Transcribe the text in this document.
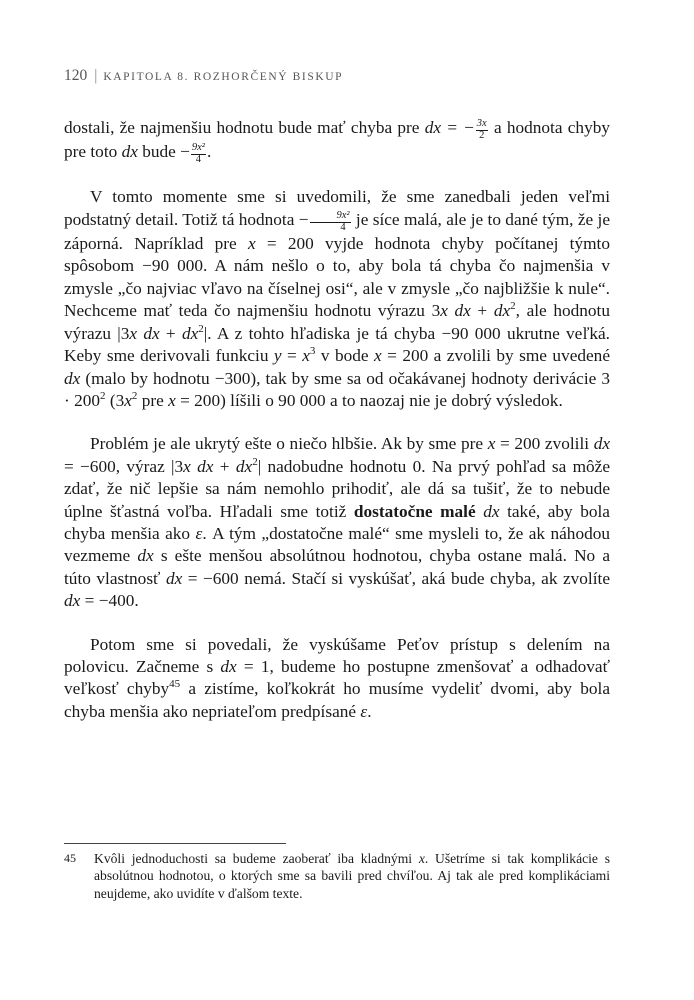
120 | KAPITOLA 8. ROZHORČENÝ BISKUP

dostali, že najmenšiu hodnotu bude mať chyba pre dx = − $\frac{3x}{2}$ a hodnota chyby pre toto dx bude − $\frac{\text{9x²}}{4}$ .

V tomto momente sme si uvedomili, že sme zanedbali jeden veľmi podstatný detail. Totiž tá hodnota − $\frac{\text{9x²}}{4}$ je síce malá, ale je to dané tým, že je záporná. Napríklad pre x = 200 vyjde hodnota chyby počítanej týmto spôsobom −90 000. A nám nešlo o to, aby bola tá chyba čo najmenšia v zmysle „čo najviac vľavo na číselnej osi“, ale v zmysle „čo najbližšie k nule“. Nechceme mať teda čo najmenšiu hodnotu výrazu 3x dx + $dx^2$, ale hodnotu výrazu |3x dx + $dx^2|$. A z tohto hľadiska je tá chyba −90 000 ukrutne veľká. Keby sme derivovali funkciu $y = x^3$ v bode x = 200 a zvolili by sme uvedené dx (malo by hodnotu −300), tak by sme sa od očakávanej hodnoty derivácie $3 \cdot 200^2$ ($3x^2$ pre x = 200) líšili o 90 000 a to naozaj nie je dobrý výsledok.

Problém je ale ukrytý ešte o niečo hlbšie. Ak by sme pre x = 200 zvolili dx = −600, výraz |3x dx + $dx^2|$ nadobudne hodnotu 0. Na prvý pohľad sa môže zdať, že nič lepšie sa nám nemohlo prihodiť, ale dá sa tušiť, že to nebude úplne šťastná voľba. Hľadali sme totiž dostatočne malé dx také, aby bola chyba menšia ako ε. A tým „dostatočne malé“ sme mysleli to, že ak náhodou vezmeme dx s ešte menšou absolútnou hodnotou, chyba ostane malá. No a túto vlastnosť dx = −600 nemá. Stačí si vyskúšať, aká bude chyba, ak zvolíte dx = −400.

Potom sme si povedali, že vyskúšame Peťov prístup s delením na polovicu. Začneme s dx = 1, budeme ho postupne zmenšovať a odhadovať veľkosť chyby$^{45}$ a zistíme, koľkokrát ho musíme vydeliť dvomi, aby bola chyba menšia ako nepriateľom predpísané ε.

45 Kvôli jednoduchosti sa budeme zaoberať iba kladnými x. Ušetríme si tak komplikácie s absolútnou hodnotou, o ktorých sme sa bavili pred chvíľou. Aj tak ale pred komplikáciami neujdeme, ako uvidíte v ďalšom texte.
